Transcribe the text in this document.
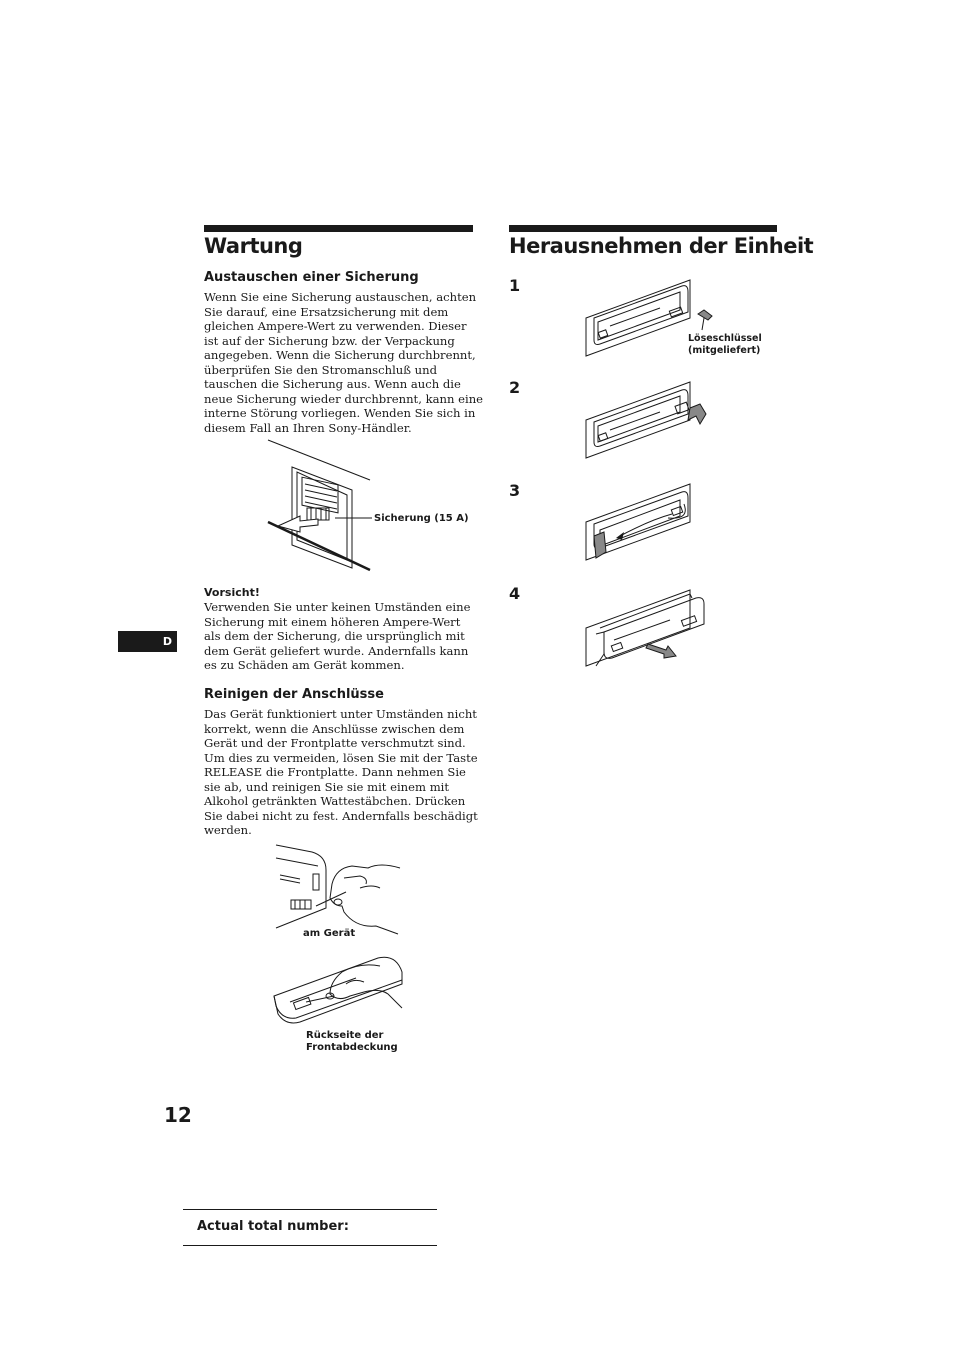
Wartung
Austauschen einer Sicherung
Wenn Sie eine Sicherung austauschen, achten
Sie darauf, eine Ersatzsicherung mit dem
gleichen Ampere-Wert zu verwenden. Dieser
ist auf der Sicherung bzw. der Verpackung
angegeben. Wenn die Sicherung durchbrennt,
überprüfen Sie den Stromanschluß und
tauschen die Sicherung aus. Wenn auch die
neue Sicherung wieder durchbrennt, kann eine
interne Störung vorliegen. Wenden Sie sich in
diesem Fall an Ihren Sony-Händler.
Sicherung (15 A)
Vorsicht!
Verwenden Sie unter keinen Umständen eine
Sicherung mit einem höheren Ampere-Wert
als dem der Sicherung, die ursprünglich mit
dem Gerät geliefert wurde. Andernfalls kann
es zu Schäden am Gerät kommen.
Reinigen der Anschlüsse
Das Gerät funktioniert unter Umständen nicht
korrekt, wenn die Anschlüsse zwischen dem
Gerät und der Frontplatte verschmutzt sind.
Um dies zu vermeiden, lösen Sie mit der Taste
RELEASE die Frontplatte. Dann nehmen Sie
sie ab, und reinigen Sie sie mit einem mit
Alkohol getränkten Wattestäbchen. Drücken
Sie dabei nicht zu fest. Andernfalls beschädigt
werden.
am Gerät
Rückseite der
Frontabdeckung
Herausnehmen der Einheit
1
2
3
4
Löseschlüssel
(mitgeliefert)
D
12
Actual total number:
